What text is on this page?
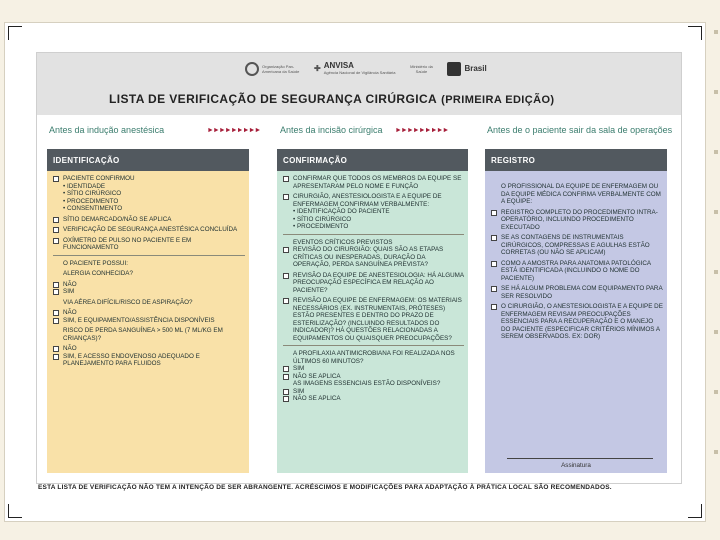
Organização Pan-Americana da Saúde	✚ ANVISA
Agência Nacional de Vigilância Sanitária
Ministério da Saúde	Brasil
LISTA DE VERIFICAÇÃO DE SEGURANÇA CIRÚRGICA (PRIMEIRA EDIÇÃO)
Antes da indução anestésica	►►►►►►►►► Antes da incisão cirúrgica ►►►►►►►►►	Antes de o paciente sair da sala de operações
IDENTIFICAÇÃO
PACIENTE CONFIRMOU
• IDENTIDADE
• SÍTIO CIRÚRGICO
• PROCEDIMENTO
• CONSENTIMENTO
SÍTIO DEMARCADO/NÃO SE APLICA
VERIFICAÇÃO DE SEGURANÇA ANESTÉSICA CONCLUÍDA
OXÍMETRO DE PULSO NO PACIENTE E EM FUNCIONAMENTO
O PACIENTE POSSUI:
ALERGIA CONHECIDA?
NÃO
SIM
VIA AÉREA DIFÍCIL/RISCO DE ASPIRAÇÃO?
NÃO
SIM, E EQUIPAMENTO/ASSISTÊNCIA DISPONÍVEIS
RISCO DE PERDA SANGUÍNEA > 500 ML (7 ML/KG EM CRIANÇAS)?
NÃO
SIM, E ACESSO ENDOVENOSO ADEQUADO E PLANEJAMENTO PARA FLUIDOS
CONFIRMAÇÃO
CONFIRMAR QUE TODOS OS MEMBROS DA EQUIPE SE APRESENTARAM PELO NOME E FUNÇÃO
CIRURGIÃO, ANESTESIOLOGISTA E A EQUIPE DE ENFERMAGEM CONFIRMAM VERBALMENTE:
• IDENTIFICAÇÃO DO PACIENTE
• SÍTIO CIRÚRGICO
• PROCEDIMENTO
EVENTOS CRÍTICOS PREVISTOS
REVISÃO DO CIRURGIÃO: QUAIS SÃO AS ETAPAS CRÍTICAS OU INESPERADAS, DURAÇÃO DA OPERAÇÃO, PERDA SANGUÍNEA PREVISTA?
REVISÃO DA EQUIPE DE ANESTESIOLOGIA: HÁ ALGUMA PREOCUPAÇÃO ESPECÍFICA EM RELAÇÃO AO PACIENTE?
REVISÃO DA EQUIPE DE ENFERMAGEM: OS MATERIAIS NECESSÁRIOS (EX. INSTRUMENTAIS, PRÓTESES) ESTÃO PRESENTES E DENTRO DO PRAZO DE ESTERILIZAÇÃO? (INCLUINDO RESULTADOS DO INDICADOR)? HÁ QUESTÕES RELACIONADAS A EQUIPAMENTOS OU QUAISQUER PREOCUPAÇÕES?
A PROFILAXIA ANTIMICROBIANA FOI REALIZADA NOS ÚLTIMOS 60 MINUTOS?
SIM
NÃO SE APLICA
AS IMAGENS ESSENCIAIS ESTÃO DISPONÍVEIS?
SIM
NÃO SE APLICA
REGISTRO
O PROFISSIONAL DA EQUIPE DE ENFERMAGEM OU DA EQUIPE MÉDICA CONFIRMA VERBALMENTE COM A EQUIPE:
REGISTRO COMPLETO DO PROCEDIMENTO INTRA-OPERATÓRIO, INCLUINDO PROCEDIMENTO EXECUTADO
SE AS CONTAGENS DE INSTRUMENTAIS CIRÚRGICOS, COMPRESSAS E AGULHAS ESTÃO CORRETAS (OU NÃO SE APLICAM)
COMO A AMOSTRA PARA ANATOMIA PATOLÓGICA ESTÁ IDENTIFICADA (INCLUINDO O NOME DO PACIENTE)
SE HÁ ALGUM PROBLEMA COM EQUIPAMENTO PARA SER RESOLVIDO
O CIRURGIÃO, O ANESTESIOLOGISTA E A EQUIPE DE ENFERMAGEM REVISAM PREOCUPAÇÕES ESSENCIAIS PARA A RECUPERAÇÃO E O MANEJO DO PACIENTE (ESPECIFICAR CRITÉRIOS MÍNIMOS A SEREM OBSERVADOS. EX: DOR)
Assinatura
ESTA LISTA DE VERIFICAÇÃO NÃO TEM A INTENÇÃO DE SER ABRANGENTE. ACRÉSCIMOS E MODIFICAÇÕES PARA ADAPTAÇÃO À PRÁTICA LOCAL SÃO RECOMENDADOS.
